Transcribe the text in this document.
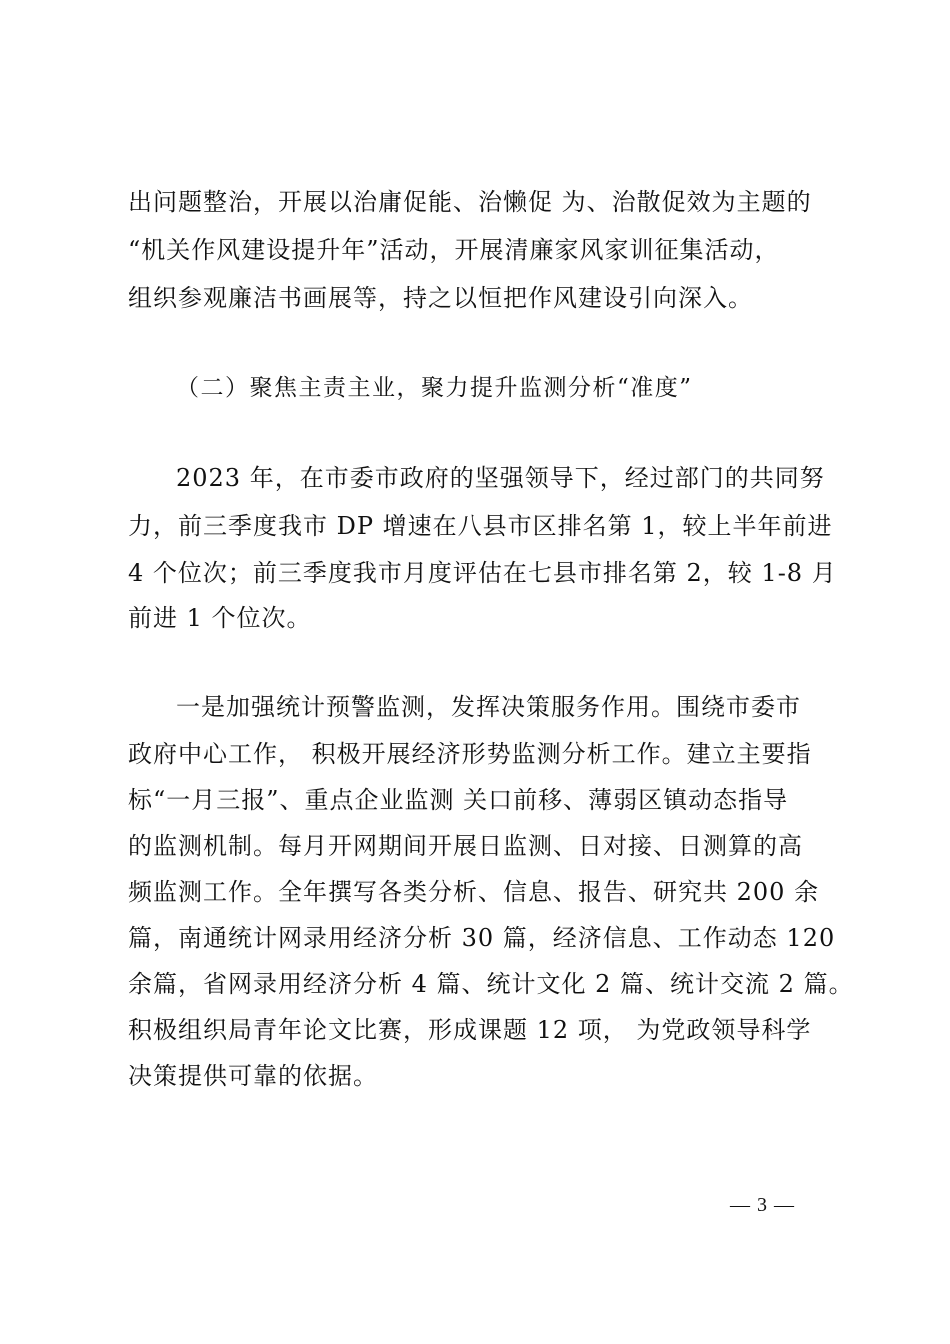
出问题整治，开展以治庸促能、治懒促 为、治散促效为主题的
“机关作风建设提升年”活动，开展清廉家风家训征集活动，
组织参观廉洁书画展等，持之以恒把作风建设引向深入。
（二）聚焦主责主业，聚力提升监测分析“准度”
2023 年，在市委市政府的坚强领导下，经过部门的共同努
力，前三季度我市 DP 增速在八县市区排名第 1，较上半年前进
4 个位次；前三季度我市月度评估在七县市排名第 2，较 1-8 月
前进 1 个位次。
一是加强统计预警监测，发挥决策服务作用。围绕市委市
政府中心工作， 积极开展经济形势监测分析工作。建立主要指
标“一月三报”、重点企业监测 关口前移、薄弱区镇动态指导
的监测机制。每月开网期间开展日监测、日对接、日测算的高
频监测工作。全年撰写各类分析、信息、报告、研究共 200 余
篇，南通统计网录用经济分析 30 篇，经济信息、工作动态 120
余篇，省网录用经济分析 4 篇、统计文化 2 篇、统计交流 2 篇。
积极组织局青年论文比赛，形成课题 12 项， 为党政领导科学
决策提供可靠的依据。
— 3 —
